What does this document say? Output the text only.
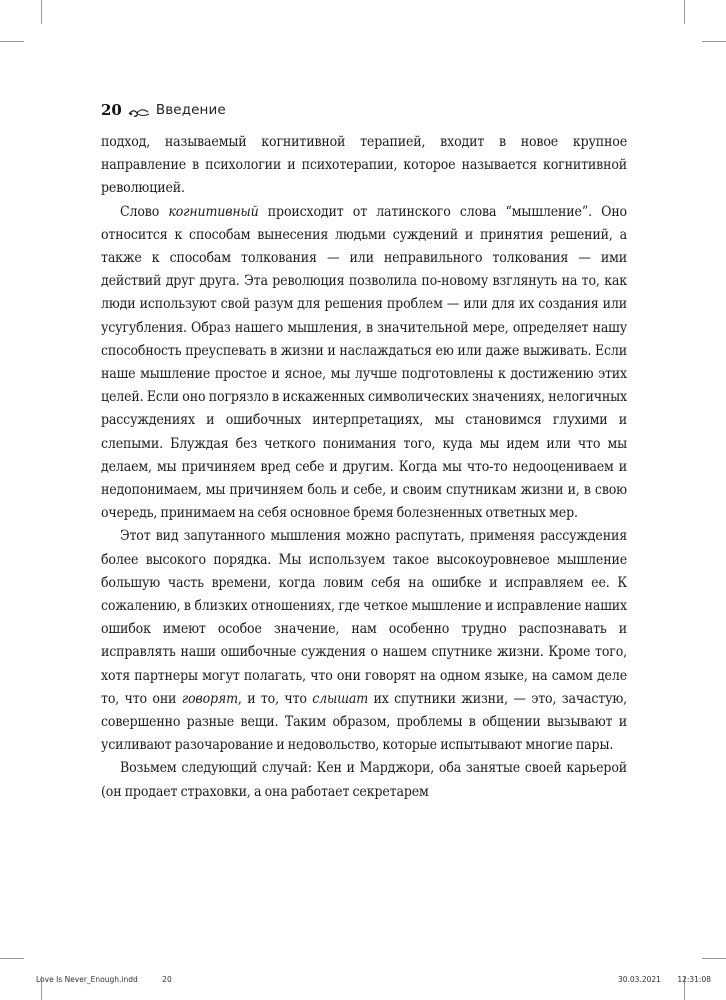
20	Введение

подход, называемый когнитивной терапией, входит в новое крупное направление в психологии и психотерапии, которое называется когнитивной революцией.

Слово когнитивный происходит от латинского слова “мышление”. Оно относится к способам вынесения людьми суждений и принятия решений, а также к способам толкования — или неправильного толкования — ими действий друг друга. Эта революция позволила по-новому взглянуть на то, как люди используют свой разум для решения проблем — или для их создания или усугубления. Образ нашего мышления, в значительной мере, определяет нашу способность преуспевать в жизни и наслаждаться ею или даже выживать. Если наше мышление простое и ясное, мы лучше подготовлены к достижению этих целей. Если оно погрязло в искаженных символических значениях, нелогичных рассуждениях и ошибочных интерпретациях, мы становимся глухими и слепыми. Блуждая без четкого понимания того, куда мы идем или что мы делаем, мы причиняем вред себе и другим. Когда мы что-то недооцениваем и недопонимаем, мы причиняем боль и себе, и своим спутникам жизни и, в свою очередь, принимаем на себя основное бремя болезненных ответных мер.

Этот вид запутанного мышления можно распутать, применяя рассуждения более высокого порядка. Мы используем такое высокоуровневое мышление большую часть времени, когда ловим себя на ошибке и исправляем ее. К сожалению, в близких отношениях, где четкое мышление и исправление наших ошибок имеют особое значение, нам особенно трудно распознавать и исправлять наши ошибочные суждения о нашем спутнике жизни. Кроме того, хотя партнеры могут полагать, что они говорят на одном языке, на самом деле то, что они говорят, и то, что слышат их спутники жизни, — это, зачастую, совершенно разные вещи. Таким образом, проблемы в общении вызывают и усиливают разочарование и недовольство, которые испытывают многие пары.

Возьмем следующий случай: Кен и Марджори, оба занятые своей карьерой (он продает страховки, а она работает секретарем

Love Is Never_Enough.indd	20	30.03.2021 12:31:08
